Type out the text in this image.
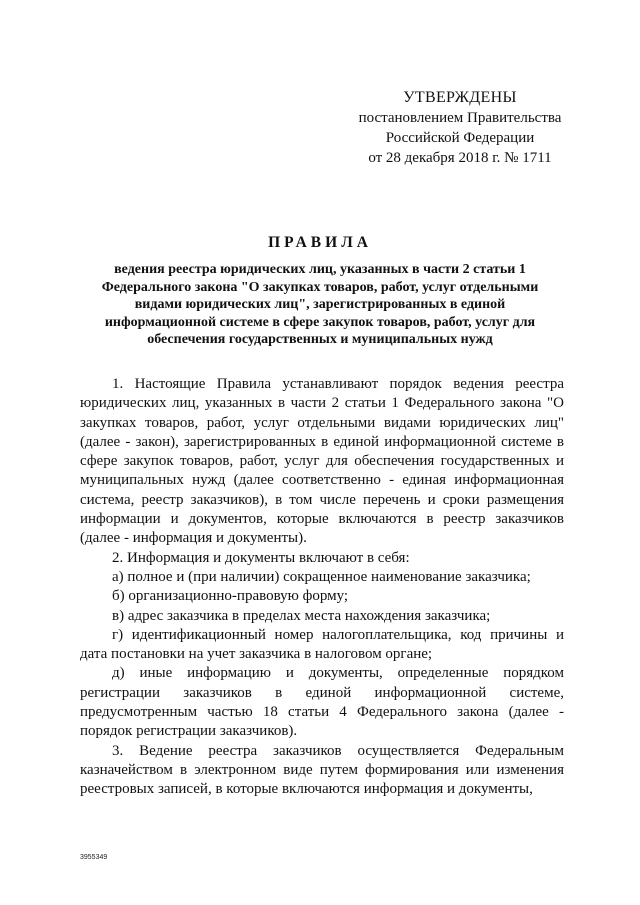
УТВЕРЖДЕНЫ
постановлением Правительства
Российской Федерации
от 28 декабря 2018 г. № 1711
ПРАВИЛА
ведения реестра юридических лиц, указанных в части 2 статьи 1
Федерального закона "О закупках товаров, работ, услуг отдельными
видами юридических лиц", зарегистрированных в единой
информационной системе в сфере закупок товаров, работ, услуг для
обеспечения государственных и муниципальных нужд

1. Настоящие Правила устанавливают порядок ведения реестра юридических лиц, указанных в части 2 статьи 1 Федерального закона "О закупках товаров, работ, услуг отдельными видами юридических лиц" (далее - закон), зарегистрированных в единой информационной системе в сфере закупок товаров, работ, услуг для обеспечения государственных и муниципальных нужд (далее соответственно - единая информационная система, реестр заказчиков), в том числе перечень и сроки размещения информации и документов, которые включаются в реестр заказчиков (далее - информация и документы).

2. Информация и документы включают в себя:

а) полное и (при наличии) сокращенное наименование заказчика;

б) организационно-правовую форму;

в) адрес заказчика в пределах места нахождения заказчика;

г) идентификационный номер налогоплательщика, код причины и дата постановки на учет заказчика в налоговом органе;

д) иные информацию и документы, определенные порядком регистрации заказчиков в единой информационной системе, предусмотренным частью 18 статьи 4 Федерального закона (далее - порядок регистрации заказчиков).

3. Ведение реестра заказчиков осуществляется Федеральным казначейством в электронном виде путем формирования или изменения реестровых записей, в которые включаются информация и документы,

3955349
